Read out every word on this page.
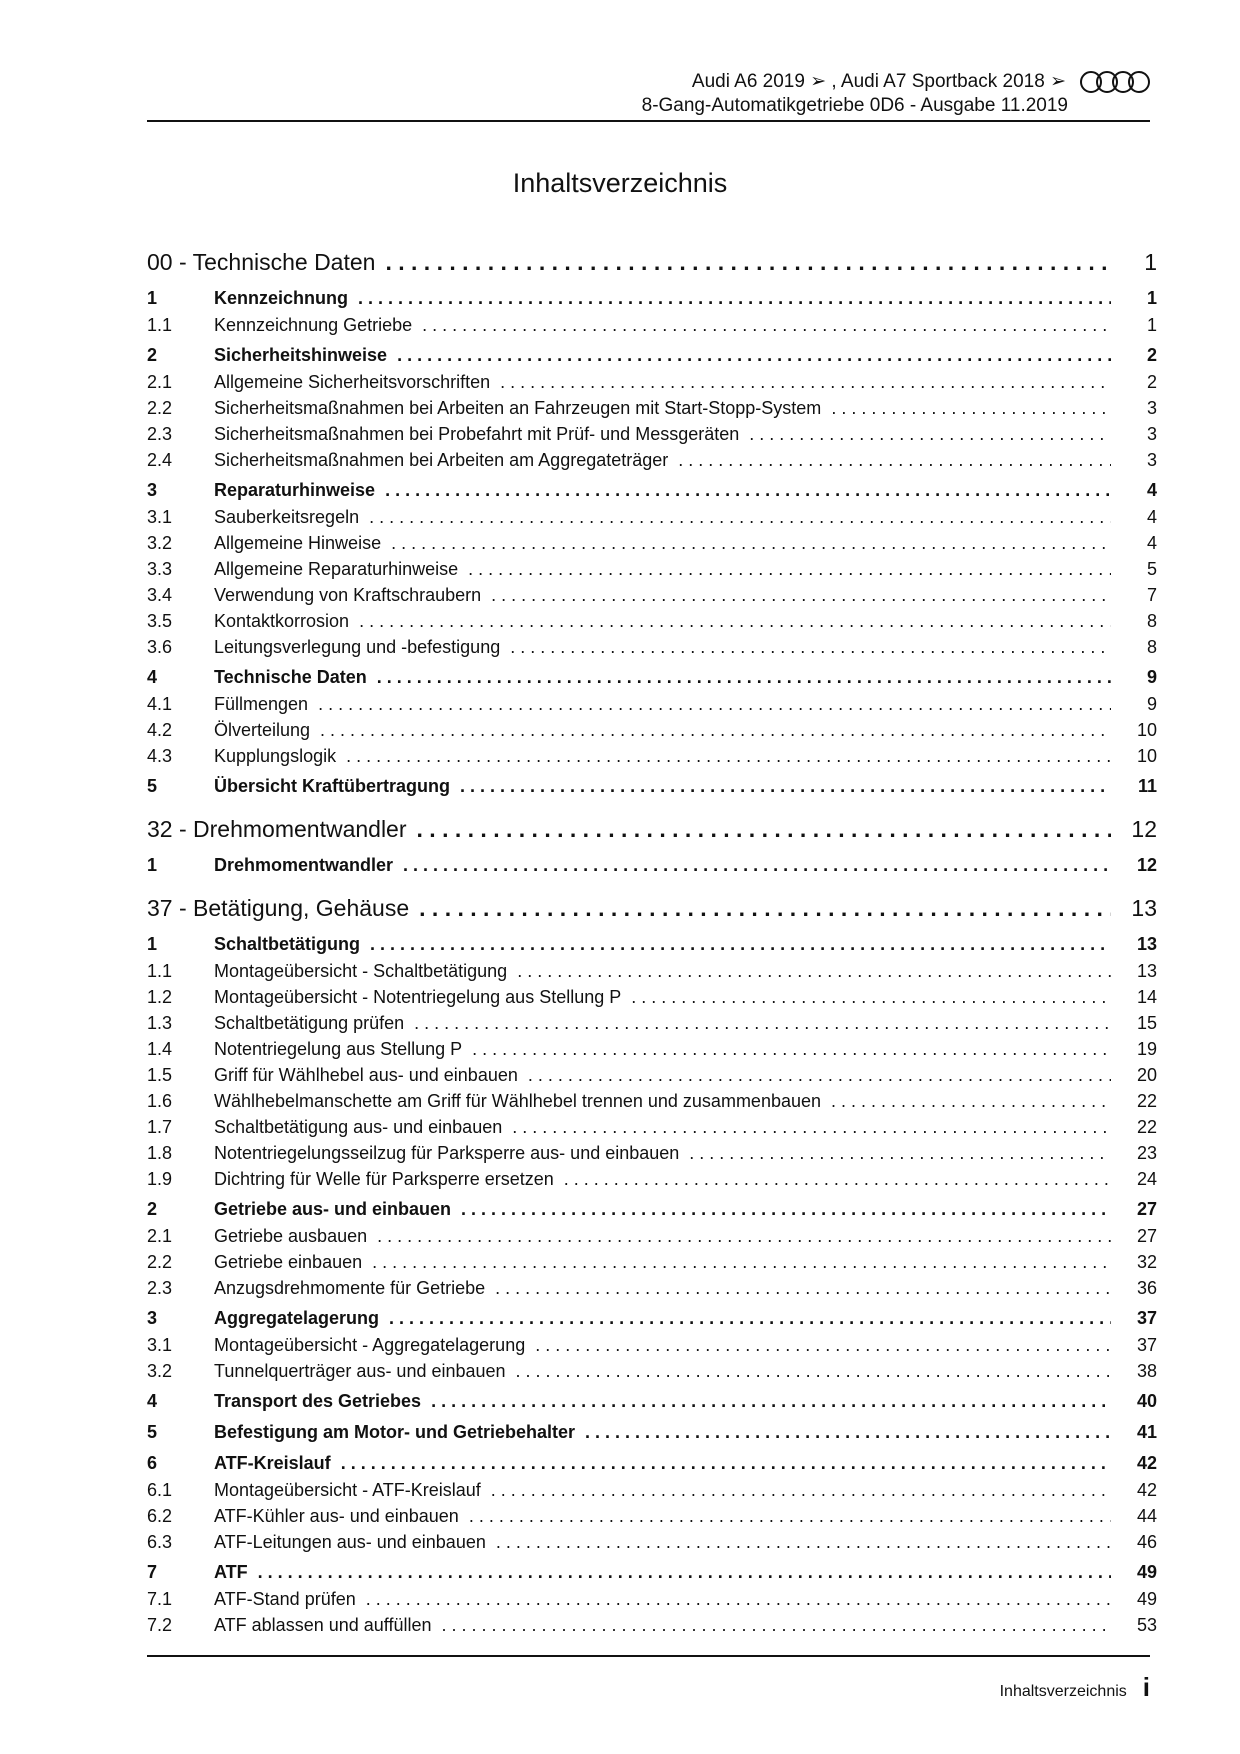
Audi A6 2019 ➢ , Audi A7 Sportback 2018 ➢
8-Gang-Automatikgetriebe 0D6 - Ausgabe 11.2019
Inhaltsverzeichnis
00 - Technische Daten . . .	1
1	Kennzeichnung . . .	1
1.1	Kennzeichnung Getriebe . . .	1
2	Sicherheitshinweise . . .	2
2.1	Allgemeine Sicherheitsvorschriften . . .	2
2.2	Sicherheitsmaßnahmen bei Arbeiten an Fahrzeugen mit Start-Stopp-System . . .	3
2.3	Sicherheitsmaßnahmen bei Probefahrt mit Prüf- und Messgeräten . . .	3
2.4	Sicherheitsmaßnahmen bei Arbeiten am Aggregateträger . . .	3
3	Reparaturhinweise . . .	4
3.1	Sauberkeitsregeln . . .	4
3.2	Allgemeine Hinweise . . .	4
3.3	Allgemeine Reparaturhinweise . . .	5
3.4	Verwendung von Kraftschraubern . . .	7
3.5	Kontaktkorrosion . . .	8
3.6	Leitungsverlegung und -befestigung . . .	8
4	Technische Daten . . .	9
4.1	Füllmengen . . .	9
4.2	Ölverteilung . . .	10
4.3	Kupplungslogik . . .	10
5	Übersicht Kraftübertragung . . .	11
32 - Drehmomentwandler . . .	12
1	Drehmomentwandler . . .	12
37 - Betätigung, Gehäuse . . .	13
1	Schaltbetätigung . . .	13
1.1	Montageübersicht - Schaltbetätigung . . .	13
1.2	Montageübersicht - Notentriegelung aus Stellung P . . .	14
1.3	Schaltbetätigung prüfen . . .	15
1.4	Notentriegelung aus Stellung P . . .	19
1.5	Griff für Wählhebel aus- und einbauen . . .	20
1.6	Wählhebelmanschette am Griff für Wählhebel trennen und zusammenbauen . . .	22
1.7	Schaltbetätigung aus- und einbauen . . .	22
1.8	Notentriegelungsseilzug für Parksperre aus- und einbauen . . .	23
1.9	Dichtring für Welle für Parksperre ersetzen . . .	24
2	Getriebe aus- und einbauen . . .	27
2.1	Getriebe ausbauen . . .	27
2.2	Getriebe einbauen . . .	32
2.3	Anzugsdrehmomente für Getriebe . . .	36
3	Aggregatelagerung . . .	37
3.1	Montageübersicht - Aggregatelagerung . . .	37
3.2	Tunnelquerträger aus- und einbauen . . .	38
4	Transport des Getriebes . . .	40
5	Befestigung am Motor- und Getriebehalter . . .	41
6	ATF-Kreislauf . . .	42
6.1	Montageübersicht - ATF-Kreislauf . . .	42
6.2	ATF-Kühler aus- und einbauen . . .	44
6.3	ATF-Leitungen aus- und einbauen . . .	46
7	ATF . . .	49
7.1	ATF-Stand prüfen . . .	49
7.2	ATF ablassen und auffüllen . . .	53
Inhaltsverzeichnis i
